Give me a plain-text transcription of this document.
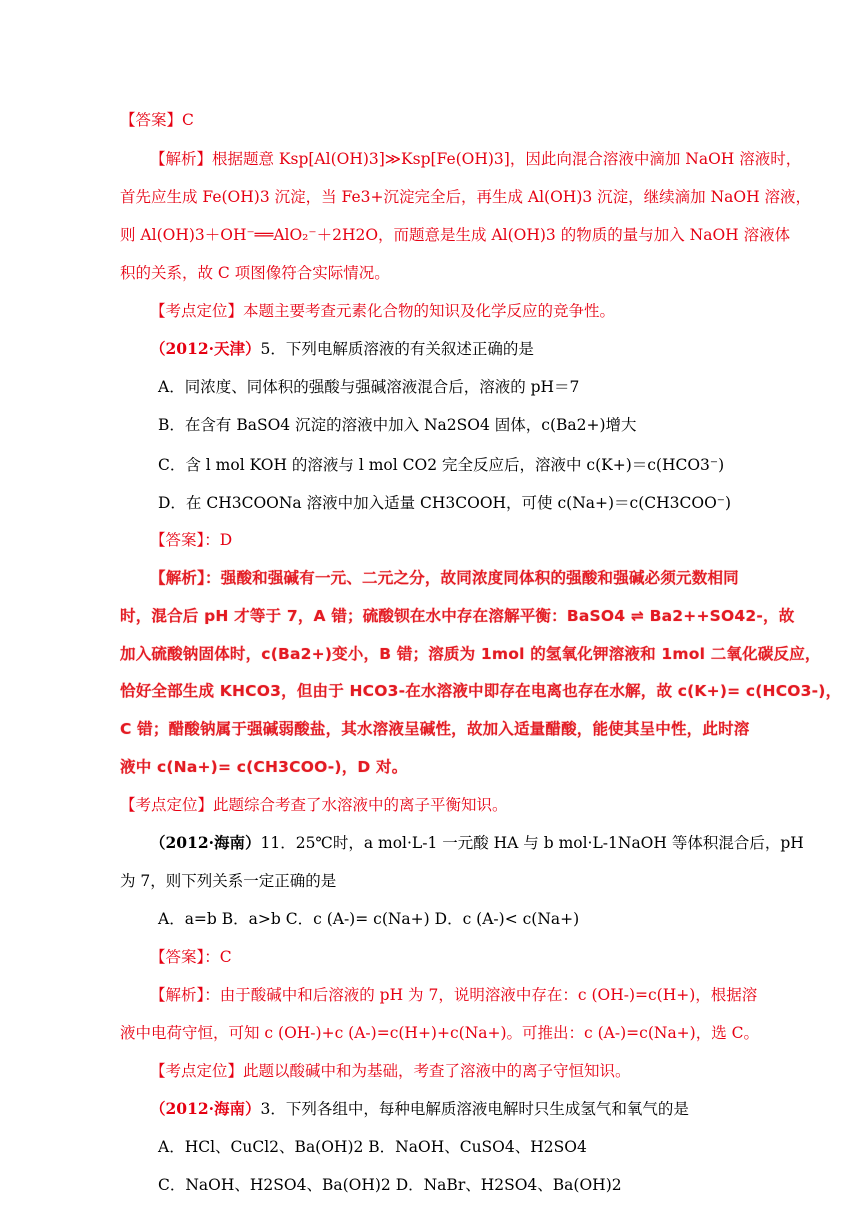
【答案】C
【解析】根据题意 Ksp[Al(OH)3]≫Ksp[Fe(OH)3]，因此向混合溶液中滴加 NaOH 溶液时，
首先应生成 Fe(OH)3 沉淀，当 Fe3+沉淀完全后，再生成 Al(OH)3 沉淀，继续滴加 NaOH 溶液，
则 Al(OH)3＋OH⁻══AlO₂⁻＋2H2O，而题意是生成 Al(OH)3 的物质的量与加入 NaOH 溶液体
积的关系，故 C 项图像符合实际情况。
【考点定位】本题主要考查元素化合物的知识及化学反应的竞争性。
（2012·天津）5．下列电解质溶液的有关叙述正确的是
A．同浓度、同体积的强酸与强碱溶液混合后，溶液的 pH＝7
B．在含有 BaSO4 沉淀的溶液中加入 Na2SO4 固体，c(Ba2+)增大
C．含 l mol KOH 的溶液与 l mol CO2 完全反应后，溶液中 c(K+)＝c(HCO3⁻)
D．在 CH3COONa 溶液中加入适量 CH3COOH，可使 c(Na+)＝c(CH3COO⁻)
【答案】：D
【解析】：强酸和强碱有一元、二元之分，故同浓度同体积的强酸和强碱必须元数相同
时，混合后 pH 才等于 7，A 错；硫酸钡在水中存在溶解平衡：BaSO4 ⇌ Ba2++SO42-，故
加入硫酸钠固体时，c(Ba2+)变小，B 错；溶质为 1mol 的氢氧化钾溶液和 1mol 二氧化碳反应，
恰好全部生成 KHCO3，但由于 HCO3-在水溶液中即存在电离也存在水解，故 c(K+)= c(HCO3-)，
C 错；醋酸钠属于强碱弱酸盐，其水溶液呈碱性，故加入适量醋酸，能使其呈中性，此时溶
液中 c(Na+)= c(CH3COO-)，D 对。
【考点定位】此题综合考查了水溶液中的离子平衡知识。
（2012·海南）11．25℃时，a mol·L-1 一元酸 HA 与 b mol·L-1NaOH 等体积混合后，pH
为 7，则下列关系一定正确的是
A．a=b B．a>b C．c (A-)= c(Na+) D．c (A-)< c(Na+)
【答案】：C
【解析】：由于酸碱中和后溶液的 pH 为 7，说明溶液中存在：c (OH-)=c(H+)，根据溶
液中电荷守恒，可知 c (OH-)+c (A-)=c(H+)+c(Na+)。可推出：c (A-)=c(Na+)，选 C。
【考点定位】此题以酸碱中和为基础，考查了溶液中的离子守恒知识。
（2012·海南）3．下列各组中，每种电解质溶液电解时只生成氢气和氧气的是
A．HCl、CuCl2、Ba(OH)2 B．NaOH、CuSO4、H2SO4
C．NaOH、H2SO4、Ba(OH)2 D．NaBr、H2SO4、Ba(OH)2
